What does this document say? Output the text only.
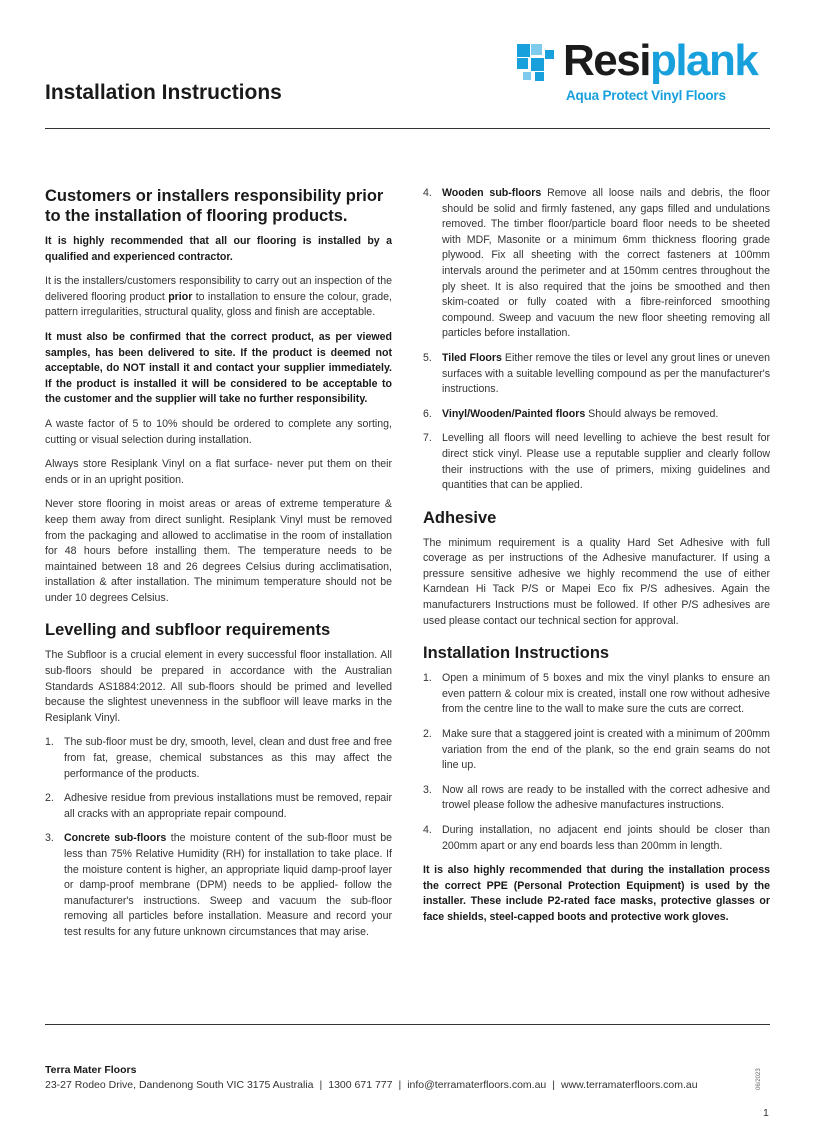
Installation Instructions
Resiplank
Aqua Protect Vinyl Floors
Customers or installers responsibility prior to the installation of flooring products.

It is highly recommended that all our flooring is installed by a qualified and experienced contractor.

It is the installers/customers responsibility to carry out an inspection of the delivered flooring product prior to installation to ensure the colour, grade, pattern irregularities, structural quality, gloss and finish are acceptable.

It must also be confirmed that the correct product, as per viewed samples, has been delivered to site. If the product is deemed not acceptable, do NOT install it and contact your supplier immediately. If the product is installed it will be considered to be acceptable to the customer and the supplier will take no further responsibility.

A waste factor of 5 to 10% should be ordered to complete any sorting, cutting or visual selection during installation.

Always store Resiplank Vinyl on a flat surface- never put them on their ends or in an upright position.

Never store flooring in moist areas or areas of extreme temperature & keep them away from direct sunlight. Resiplank Vinyl must be removed from the packaging and allowed to acclimatise in the room of installation for 48 hours before installing them. The temperature needs to be maintained between 18 and 26 degrees Celsius during acclimatisation, installation & after installation. The minimum temperature should not be under 10 degrees Celsius.

Levelling and subfloor requirements

The Subfloor is a crucial element in every successful floor installation. All sub-floors should be prepared in accordance with the Australian Standards AS1884:2012. All sub-floors should be primed and levelled because the slightest unevenness in the subfloor will leave marks in the Resiplank Vinyl.

1. The sub-floor must be dry, smooth, level, clean and dust free and free from fat, grease, chemical substances as this may affect the performance of the products.
2. Adhesive residue from previous installations must be removed, repair all cracks with an appropriate repair compound.
3. Concrete sub-floors the moisture content of the sub-floor must be less than 75% Relative Humidity (RH) for installation to take place. If the moisture content is higher, an appropriate liquid damp-proof layer or damp-proof membrane (DPM) needs to be applied- follow the manufacturer's instructions. Sweep and vacuum the sub-floor removing all particles before installation. Measure and record your test results for any future unknown circumstances that may arise.
4. Wooden sub-floors Remove all loose nails and debris, the floor should be solid and firmly fastened, any gaps filled and undulations removed. The timber floor/particle board floor needs to be sheeted with MDF, Masonite or a minimum 6mm thickness flooring grade plywood. Fix all sheeting with the correct fasteners at 100mm intervals around the perimeter and at 150mm centres throughout the ply sheet. It is also required that the joins be smoothed and then skim-coated or fully coated with a fibre-reinforced smoothing compound. Sweep and vacuum the new floor sheeting removing all particles before installation.
5. Tiled Floors Either remove the tiles or level any grout lines or uneven surfaces with a suitable levelling compound as per the manufacturer's instructions.
6. Vinyl/Wooden/Painted floors Should always be removed.
7. Levelling all floors will need levelling to achieve the best result for direct stick vinyl. Please use a reputable supplier and clearly follow their instructions with the use of primers, mixing guidelines and quantities that can be applied.
Adhesive

The minimum requirement is a quality Hard Set Adhesive with full coverage as per instructions of the Adhesive manufacturer. If using a pressure sensitive adhesive we highly recommend the use of either Karndean Hi Tack P/S or Mapei Eco fix P/S adhesives. Again the manufacturers Instructions must be followed. If other P/S adhesives are used please contact our technical section for approval.

Installation Instructions
1. Open a minimum of 5 boxes and mix the vinyl planks to ensure an even pattern & colour mix is created, install one row without adhesive from the centre line to the wall to make sure the cuts are correct.
2. Make sure that a staggered joint is created with a minimum of 200mm variation from the end of the plank, so the end grain seams do not line up.
3. Now all rows are ready to be installed with the correct adhesive and trowel please follow the adhesive manufactures instructions.
4. During installation, no adjacent end joints should be closer than 200mm apart or any end boards less than 200mm in length.

It is also highly recommended that during the installation process the correct PPE (Personal Protection Equipment) is used by the installer. These include P2-rated face masks, protective glasses or face shields, steel-capped boots and protective work gloves.

Terra Mater Floors
23-27 Rodeo Drive, Dandenong South VIC 3175 Australia | 1300 671 777 | info@terramaterfloors.com.au | www.terramaterfloors.com.au	06/2023
1
